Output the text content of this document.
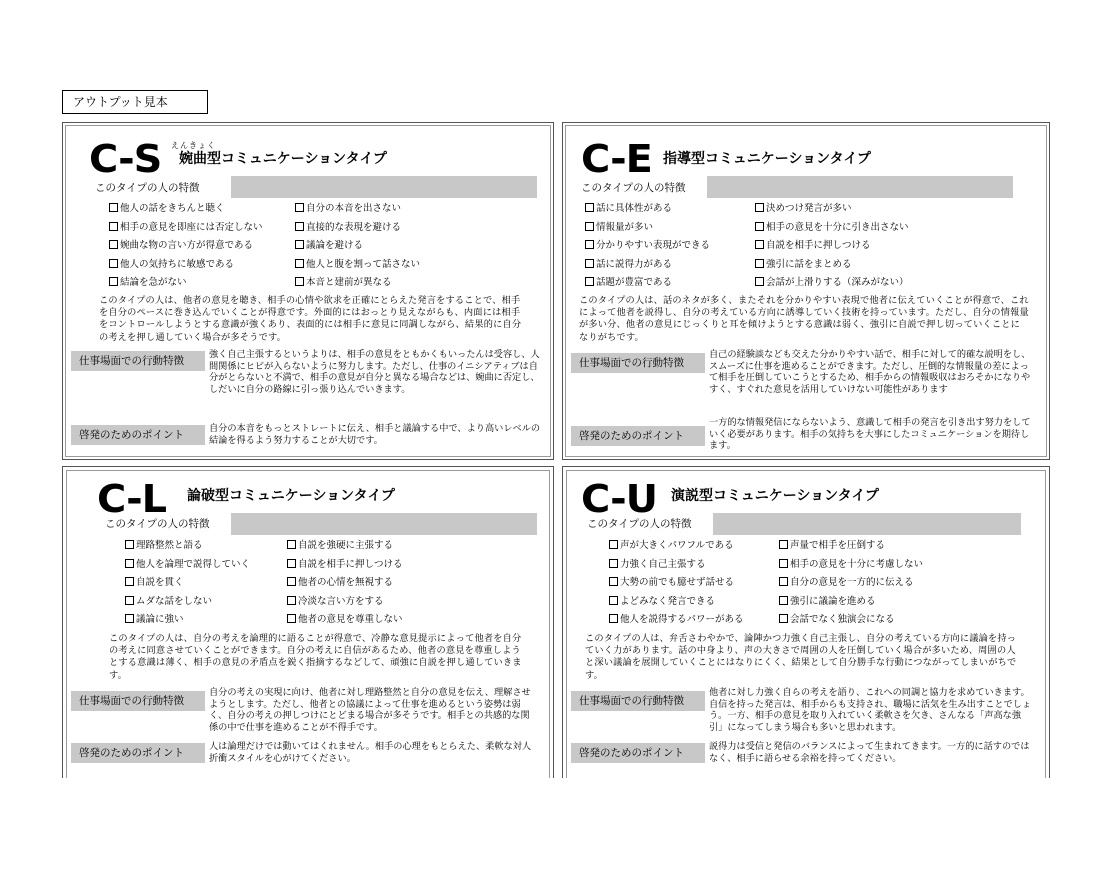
アウトプット見本
C-S えんきょく
婉曲型コミュニケーションタイプ
このタイプの人の特徴
他人の話をきちんと聴く	自分の本音を出さない
相手の意見を即座には否定しない	直接的な表現を避ける
婉曲な物の言い方が得意である	議論を避ける
他人の気持ちに敏感である	他人と腹を割って話さない
結論を急がない	本音と建前が異なる
このタイプの人は、他者の意見を聴き、相手の心情や欲求を正確にとらえた発言をすることで、相手を自分のペースに巻き込んでいくことが得意です。外面的にはおっとり見えながらも、内面には相手をコントロールしようとする意識が強くあり、表面的には相手に意見に同調しながら、結果的に自分の考えを押し通していく場合が多そうです。
仕事場面での行動特徴
強く自己主張するというよりは、相手の意見をともかくもいったんは受容し、人間関係にヒビが入らないように努力します。ただし、仕事のイニシアティブは自分がとらないと不満で、相手の意見が自分と異なる場合などは、婉曲に否定し、しだいに自分の路線に引っ張り込んでいきます。
啓発のためのポイント
自分の本音をもっとストレートに伝え、相手と議論する中で、より高いレベルの結論を得るよう努力することが大切です。
C-E 指導型コミュニケーションタイプ
このタイプの人の特徴
話に具体性がある	決めつけ発言が多い
情報量が多い	相手の意見を十分に引き出さない
分かりやすい表現ができる	自説を相手に押しつける
話に説得力がある	強引に話をまとめる
話題が豊富である	会話が上滑りする（深みがない）
このタイプの人は、話のネタが多く、またそれを分かりやすい表現で他者に伝えていくことが得意で、これによって他者を説得し、自分の考えている方向に誘導していく技術を持っています。ただし、自分の情報量が多い分、他者の意見にじっくりと耳を傾けようとする意識は弱く、強引に自説で押し切っていくことになりがちです。
仕事場面での行動特徴
自己の経験談なども交えた分かりやすい話で、相手に対して的確な説明をし、スムーズに仕事を進めることができます。ただし、圧倒的な情報量の差によって相手を圧倒していこうとするため、相手からの情報吸収はおろそかになりやすく、すぐれた意見を活用していけない可能性があります
啓発のためのポイント
一方的な情報発信にならないよう、意識して相手の発言を引き出す努力をしていく必要があります。相手の気持ちを大事にしたコミュニケーションを期待します。
C-L 論破型コミュニケーションタイプ
このタイプの人の特徴
理路整然と語る	自説を強硬に主張する
他人を論理で説得していく	自説を相手に押しつける
自説を貫く	他者の心情を無視する
ムダな話をしない	冷淡な言い方をする
議論に強い	他者の意見を尊重しない
このタイプの人は、自分の考えを論理的に語ることが得意で、冷静な意見提示によって他者を自分の考えに同意させていくことができます。自分の考えに自信があるため、他者の意見を尊重しようとする意識は薄く、相手の意見の矛盾点を鋭く指摘するなどして、頑強に自説を押し通していきます。
仕事場面での行動特徴
自分の考えの実現に向け、他者に対し理路整然と自分の意見を伝え、理解させようとします。ただし、他者との協議によって仕事を進めるという姿勢は弱く、自分の考えの押しつけにとどまる場合が多そうです。相手との共感的な関係の中で仕事を進めることが不得手です。
啓発のためのポイント
人は論理だけでは動いてはくれません。相手の心理をもとらえた、柔軟な対人折衝スタイルを心がけてください。
C-U 演説型コミュニケーションタイプ
このタイプの人の特徴
声が大きくパワフルである	声量で相手を圧倒する
力強く自己主張する	相手の意見を十分に考慮しない
大勢の前でも臆せず話せる	自分の意見を一方的に伝える
よどみなく発言できる	強引に議論を進める
他人を説得するパワーがある	会話でなく独演会になる
このタイプの人は、弁舌さわやかで、論陣かつ力強く自己主張し、自分の考えている方向に議論を持っていく力があります。話の中身より、声の大きさで周囲の人を圧倒していく場合が多いため、周囲の人と深い議論を展開していくことにはなりにくく、結果として自分勝手な行動につながってしまいがちです。
仕事場面での行動特徴
他者に対し力強く自らの考えを語り、これへの同調と協力を求めていきます。自信を持った発言は、相手からも支持され、職場に活気を生み出すことでしょう。一方、相手の意見を取り入れていく柔軟さを欠き、さんなる「声高な強引」になってしまう場合も多いと思われます。
啓発のためのポイント
説得力は受信と発信のバランスによって生まれてきます。一方的に話すのではなく、相手に語らせる余裕を持ってください。
